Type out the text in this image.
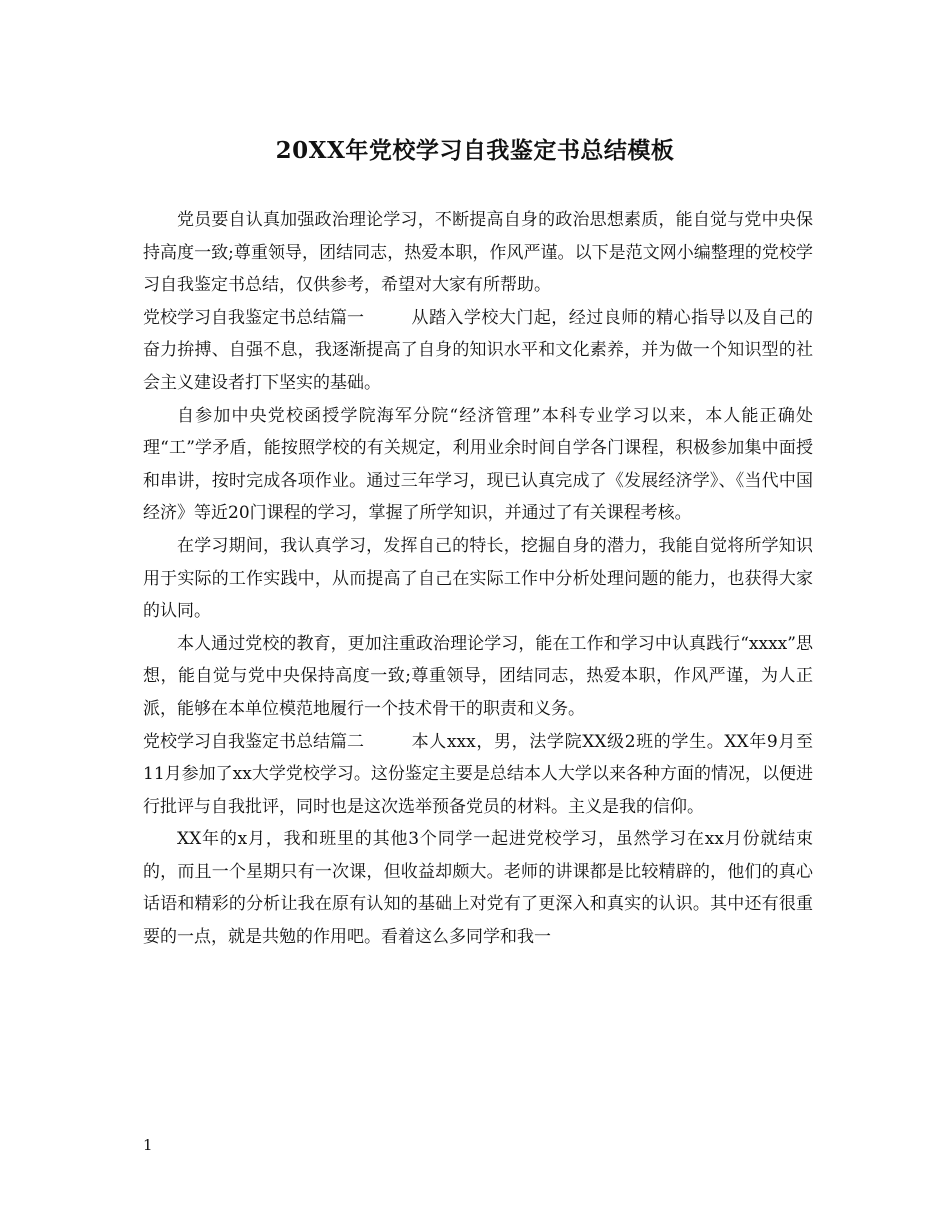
20XX年党校学习自我鉴定书总结模板

党员要自认真加强政治理论学习，不断提高自身的政治思想素质，能自觉与党中央保持高度一致;尊重领导，团结同志，热爱本职，作风严谨。以下是范文网小编整理的党校学习自我鉴定书总结，仅供参考，希望对大家有所帮助。

党校学习自我鉴定书总结篇一	从踏入学校大门起，经过良师的精心指导以及自己的奋力拚搏、自强不息，我逐渐提高了自身的知识水平和文化素养，并为做一个知识型的社会主义建设者打下坚实的基础。

自参加中央党校函授学院海军分院“经济管理”本科专业学习以来，本人能正确处理“工”学矛盾，能按照学校的有关规定，利用业余时间自学各门课程，积极参加集中面授和串讲，按时完成各项作业。通过三年学习，现已认真完成了《发展经济学》、《当代中国经济》等近20门课程的学习，掌握了所学知识，并通过了有关课程考核。

在学习期间，我认真学习，发挥自己的特长，挖掘自身的潜力，我能自觉将所学知识用于实际的工作实践中，从而提高了自己在实际工作中分析处理问题的能力，也获得大家的认同。

本人通过党校的教育，更加注重政治理论学习，能在工作和学习中认真践行“xxxx”思想，能自觉与党中央保持高度一致;尊重领导，团结同志，热爱本职，作风严谨，为人正派，能够在本单位模范地履行一个技术骨干的职责和义务。

党校学习自我鉴定书总结篇二	本人xxx，男，法学院XX级2班的学生。XX年9月至11月参加了xx大学党校学习。这份鉴定主要是总结本人大学以来各种方面的情况，以便进行批评与自我批评，同时也是这次选举预备党员的材料。主义是我的信仰。

XX年的x月，我和班里的其他3个同学一起进党校学习，虽然学习在xx月份就结束的，而且一个星期只有一次课，但收益却颇大。老师的讲课都是比较精辟的，他们的真心话语和精彩的分析让我在原有认知的基础上对党有了更深入和真实的认识。其中还有很重要的一点，就是共勉的作用吧。看着这么多同学和我一

1
